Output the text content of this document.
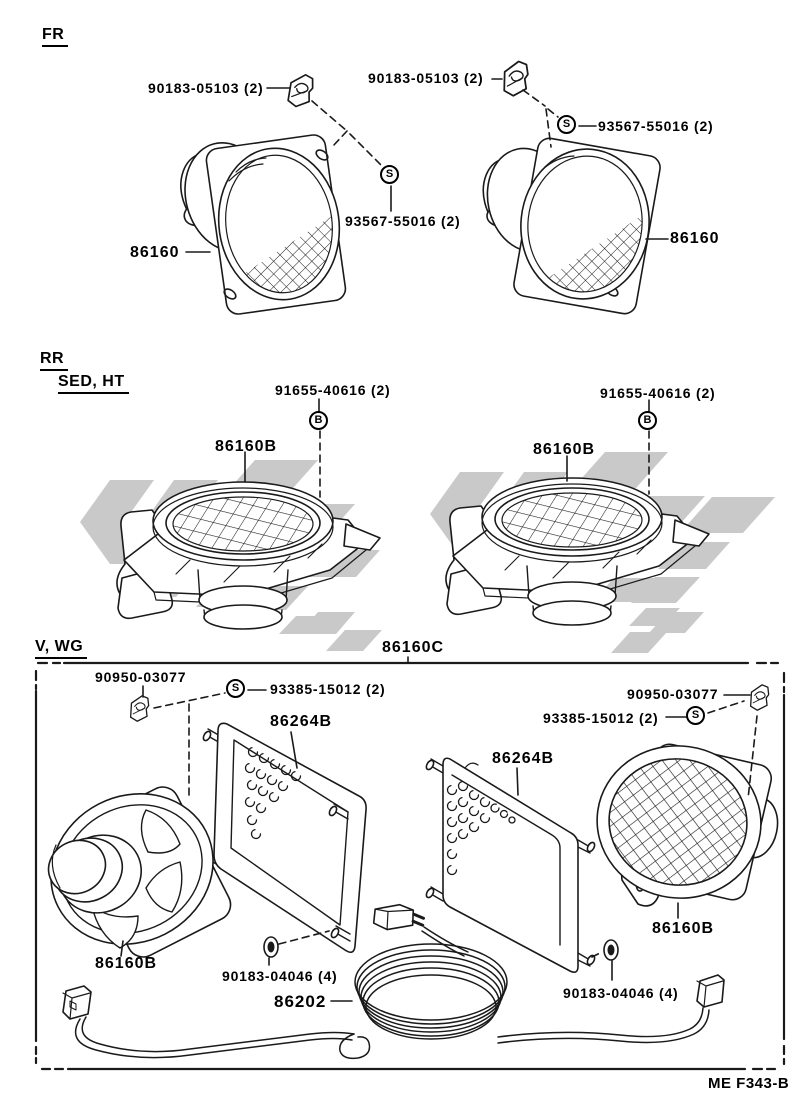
FR
90183-05103 (2)
90183-05103 (2)
S
S
93567-55016 (2)
93567-55016 (2)
86160
86160
RR
SED, HT	91655-40616 (2)	91655-40616 (2)
B	B
86160B	86160B
V, WG	86160C
90950-03077
90950-03077
S
S
93385-15012 (2)
93385-15012 (2)
86264B
86264B
86160B
86160B
90183-04046 (4)
90183-04046 (4)
86202
ME F343-B
